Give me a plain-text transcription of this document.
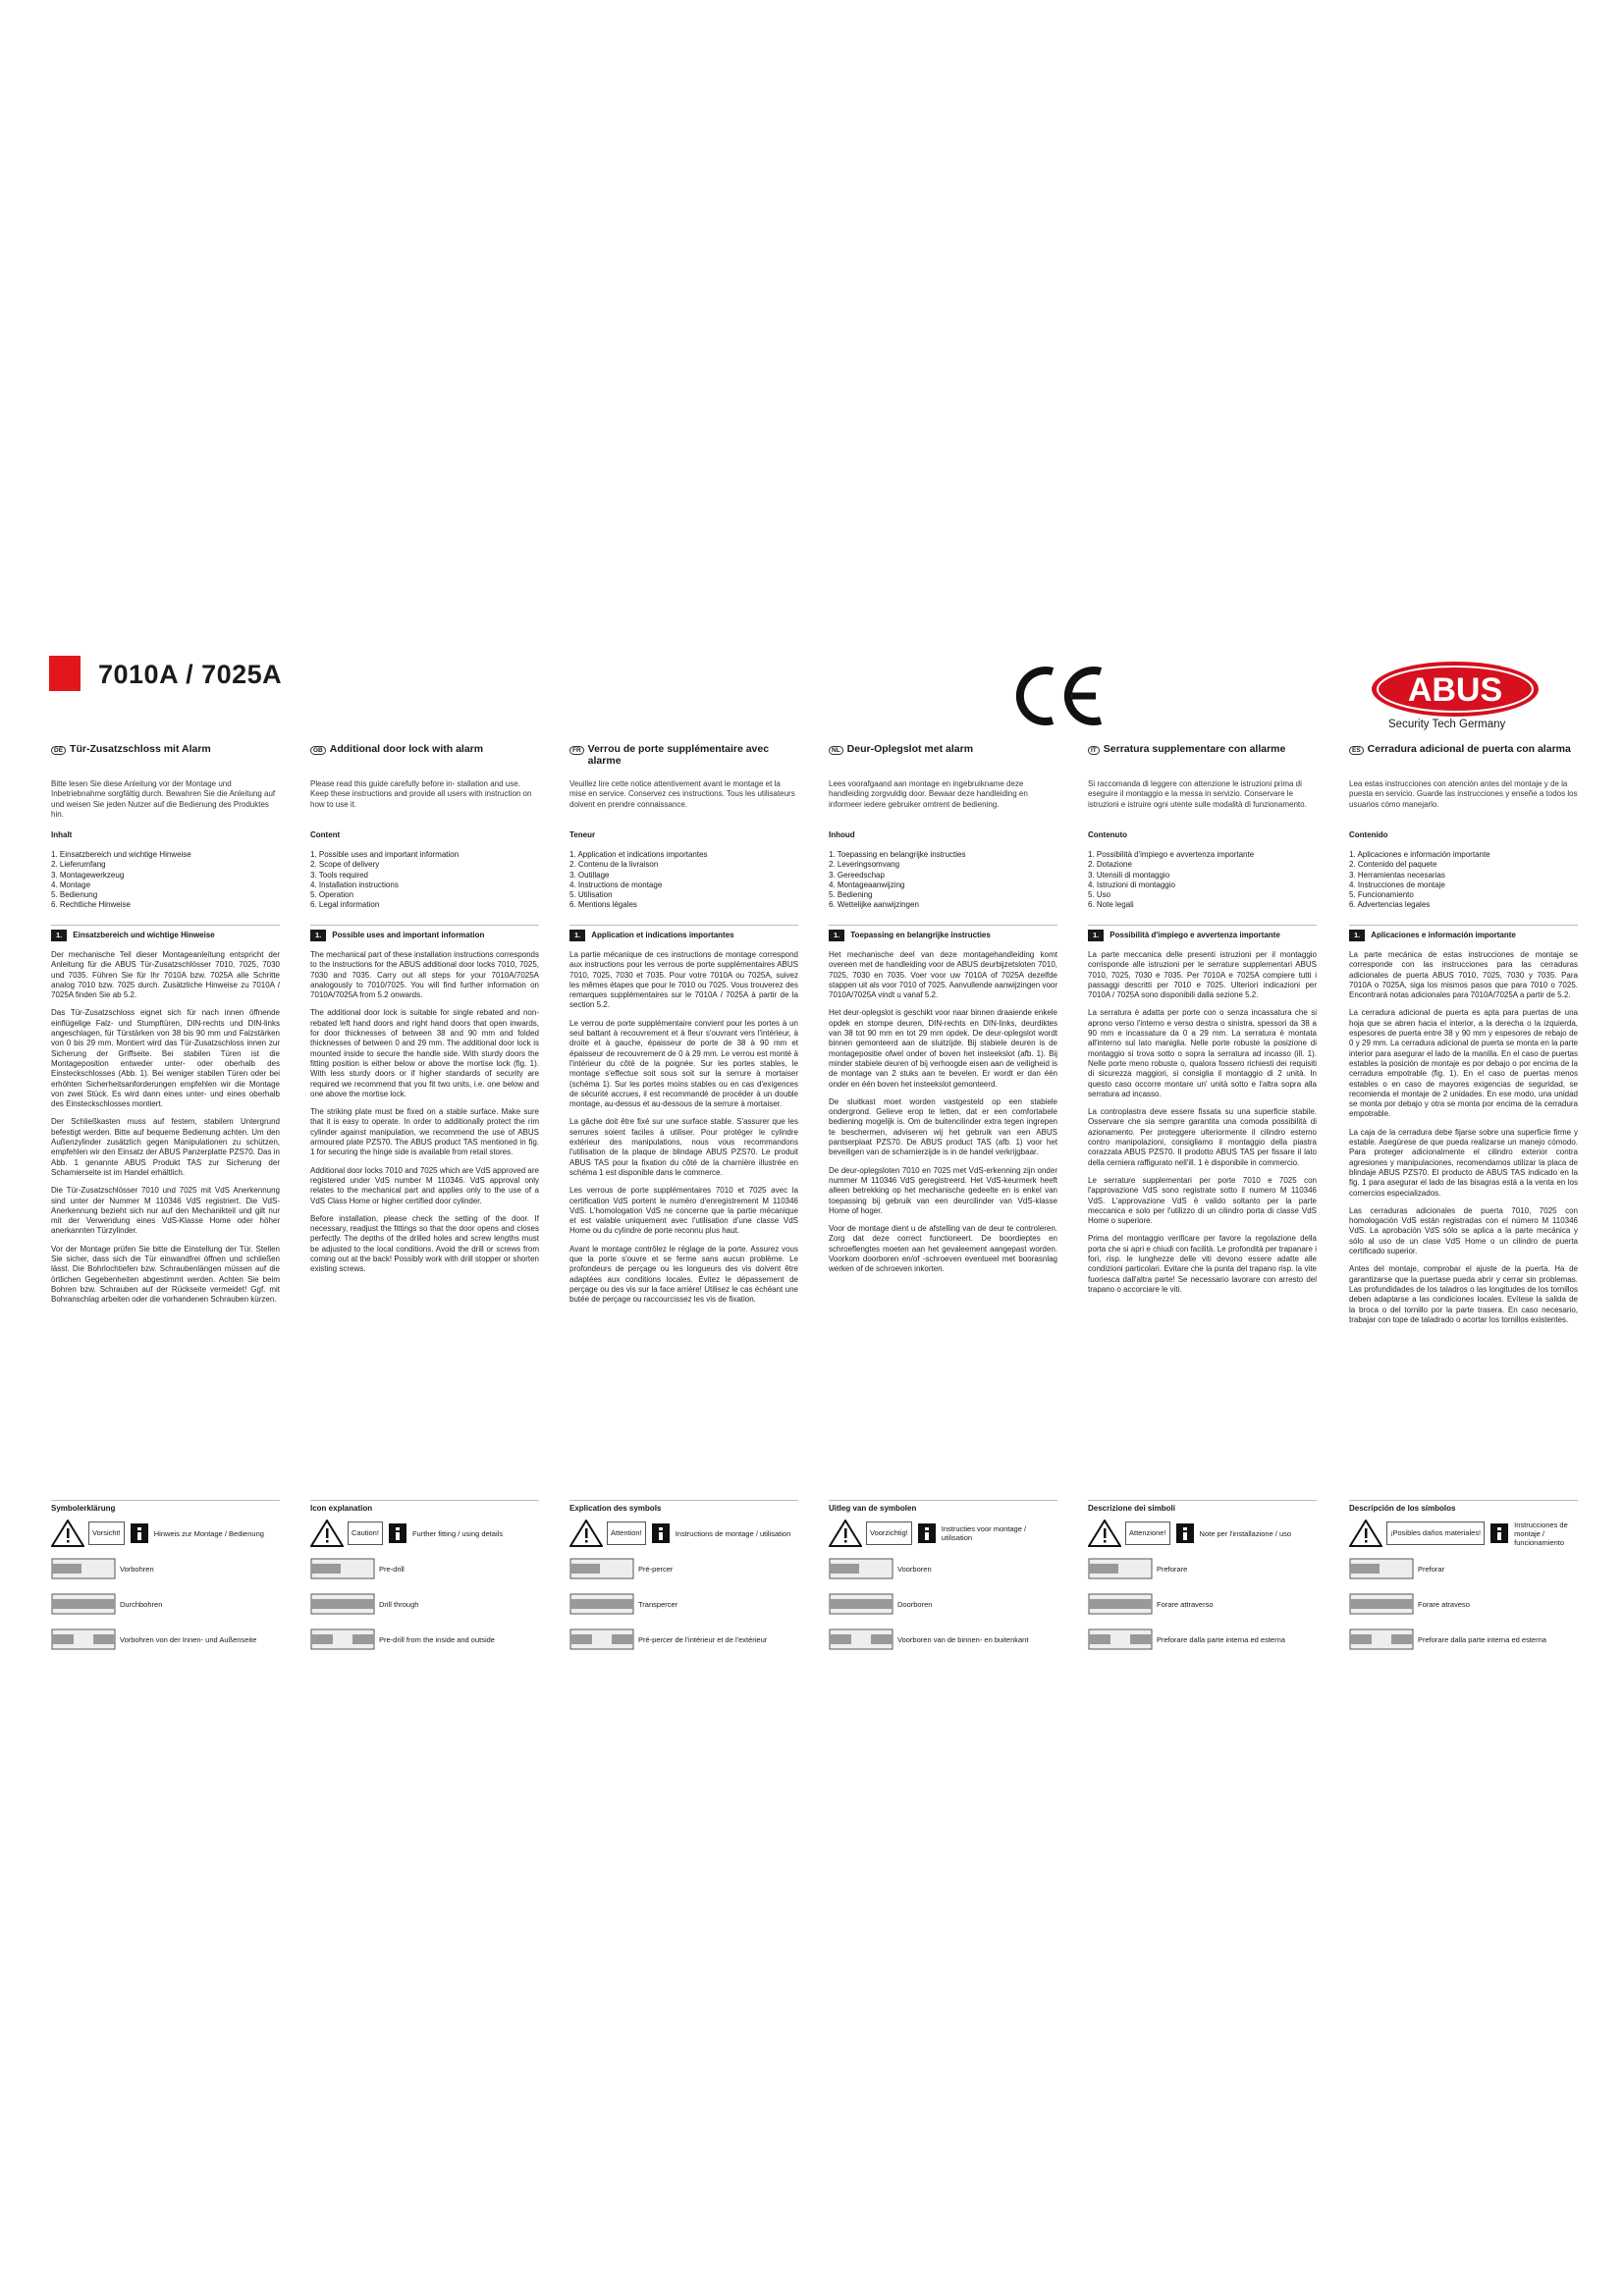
7010A / 7025A	ABUS
Security Tech Germany
DE Tür-Zusatzschloss mit Alarm
Bitte lesen Sie diese Anleitung vor der Montage und Inbetriebnahme sorgfältig durch. Bewahren Sie die Anleitung auf und weisen Sie jeden Nutzer auf die Bedienung des Produktes hin.
Inhalt
1. Einsatzbereich und wichtige Hinweise
2. Lieferumfang
3. Montagewerkzeug
4. Montage
5. Bedienung
6. Rechtliche Hinweise
1.	Einsatzbereich und wichtige Hinweise

Der mechanische Teil dieser Montageanleitung entspricht der Anleitung für die ABUS Tür-Zusatzschlösser 7010, 7025, 7030 und 7035. Führen Sie für Ihr 7010A bzw. 7025A alle Schritte analog 7010 bzw. 7025 durch. Zusätzliche Hinweise zu 7010A / 7025A finden Sie ab 5.2.

Das Tür-Zusatzschloss eignet sich für nach innen öffnende einflügelige Falz- und Stumpftüren, DIN-rechts und DIN-links angeschlagen, für Türstärken von 38 bis 90 mm und Falzstärken von 0 bis 29 mm. Montiert wird das Tür-Zusatzschloss innen zur Sicherung der Griffseite. Bei stabilen Türen ist die Montageposition entweder unter- oder oberhalb des Einsteckschlosses (Abb. 1). Bei weniger stabilen Türen oder bei erhöhten Sicherheitsanforderungen empfehlen wir die Montage von zwei Stück. Es wird dann eines unter- und eines oberhalb des Einsteckschlosses montiert.

Der Schließkasten muss auf festem, stabilem Untergrund befestigt werden. Bitte auf bequeme Bedienung achten. Um den Außenzylinder zusätzlich gegen Manipulationen zu schützen, empfehlen wir den Einsatz der ABUS Panzerplatte PZS70. Das in Abb. 1 genannte ABUS Produkt TAS zur Sicherung der Scharnierseite ist im Handel erhältlich.

Die Tür-Zusatzschlösser 7010 und 7025 mit VdS Anerkennung sind unter der Nummer M 110346 VdS registriert. Die VdS-Anerkennung bezieht sich nur auf den Mechanikteil und gilt nur mit der Verwendung eines VdS-Klasse Home oder höher anerkannten Türzylinder.

Vor der Montage prüfen Sie bitte die Einstellung der Tür. Stellen Sie sicher, dass sich die Tür einwandfrei öffnen und schließen lässt. Die Bohrlochtiefen bzw. Schraubenlängen müssen auf die örtlichen Gegebenheiten abgestimmt werden. Achten Sie beim Bohren bzw. Schrauben auf der Rückseite vermeidet! Ggf. mit Bohranschlag arbeiten oder die vorhandenen Schrauben kürzen.

Symbolerklärung
Vorsicht!	Hinweis zur Montage / Bedienung
Vorbohren
Durchbohren
Vorbohren von der Innen- und Außenseite
GB Additional door lock with alarm
Please read this guide carefully before in- stallation and use. Keep these instructions and provide all users with instruction on how to use it.
Content
1. Possible uses and important information
2. Scope of delivery
3. Tools required
4. Installation instructions
5. Operation
6. Legal information
1.	Possible uses and important information

The mechanical part of these installation instructions corresponds to the instructions for the ABUS additional door locks 7010, 7025, 7030 and 7035. Carry out all steps for your 7010A/7025A analogously to 7010/7025. You will find further information on 7010A/7025A from 5.2 onwards.

The additional door lock is suitable for single rebated and non-rebated left hand doors and right hand doors that open inwards, for door thicknesses of between 38 and 90 mm and folded thicknesses of between 0 and 29 mm. The additional door lock is mounted inside to secure the handle side. With sturdy doors the fitting position is either below or above the mortise lock (fig. 1). With less sturdy doors or if higher standards of security are required we recommend that you fit two units, i.e. one below and one above the mortise lock.

The striking plate must be fixed on a stable surface. Make sure that it is easy to operate. In order to additionally protect the rim cylinder against manipulation, we recommend the use of ABUS armoured plate PZS70. The ABUS product TAS mentioned in fig. 1 for securing the hinge side is available from retail stores.

Additional door locks 7010 and 7025 which are VdS approved are registered under VdS number M 110346. VdS approval only relates to the mechanical part and applies only to the use of a VdS Class Home or higher certified door cylinder.

Before installation, please check the setting of the door. If necessary, readjust the fittings so that the door opens and closes perfectly. The depths of the drilled holes and screw lengths must be adjusted to the local conditions. Avoid the drill or screws from coming out at the back! Possibly work with drill stopper or shorten existing screws.

Icon explanation
Caution!	Further fitting / using details
Pre-drill
Drill through
Pre-drill from the inside and outside
FR Verrou de porte supplémentaire avec alarme
Veuillez lire cette notice attentivement avant le montage et la mise en service. Conservez ces instructions. Tous les utilisateurs doivent en prendre connaissance.
Teneur
1. Application et indications importantes
2. Contenu de la livraison
3. Outillage
4. Instructions de montage
5. Utilisation
6. Mentions légales
1.	Application et indications importantes

La partie mécanique de ces instructions de montage correspond aux instructions pour les verrous de porte supplémentaires ABUS 7010, 7025, 7030 et 7035. Pour votre 7010A ou 7025A, suivez les mêmes étapes que pour le 7010 ou 7025. Vous trouverez des remarques supplémentaires sur le 7010A / 7025A à partir de la section 5.2.

Le verrou de porte supplémentaire convient pour les portes à un seul battant à recouvrement et à fleur s'ouvrant vers l'intérieur, à droite et à gauche, épaisseur de porte de 38 à 90 mm et épaisseur de recouvrement de 0 à 29 mm. Le verrou est monté à l'intérieur du côté de la poignée. Sur les portes stables, le montage s'effectue soit sous soit sur la serrure à mortaiser (schéma 1). Sur les portes moins stables ou en cas d'exigences de sécurité accrues, il est recommandé de procéder à un double montage, au-dessus et au-dessous de la serrure à mortaiser.

La gâche doit être fixé sur une surface stable. S'assurer que les serrures soient faciles à utiliser. Pour protéger le cylindre extérieur des manipulations, nous vous recommandons l'utilisation de la plaque de blindage ABUS PZS70. Le produit ABUS TAS pour la fixation du côté de la charnière illustrée en schéma 1 est disponible dans le commerce.

Les verrous de porte supplémentaires 7010 et 7025 avec la certification VdS portent le numéro d'enregistrement M 110346 VdS. L'homologation VdS ne concerne que la partie mécanique et est valable uniquement avec l'utilisation d'une classe VdS Home ou du cylindre de porte reconnu plus haut.

Avant le montage contrôlez le réglage de la porte. Assurez vous que la porte s'ouvre et se ferme sans aucun problème. Le profondeurs de perçage ou les longueurs des vis doivent être adaptées aux conditions locales. Évitez le dépassement de perçage ou des vis sur la face arrière! Utilisez le cas échéant une butée de perçage ou raccourcissez les vis de fixation.

Explication des symbols
Attention!	Instructions de montage / utilisation
Pré-percer
Transpercer
Pré-percer de l'intérieur et de l'extérieur
NL Deur-Oplegslot met alarm
Lees voorafgaand aan montage en ingebruikname deze handleiding zorgvuldig door. Bewaar deze handleiding en informeer iedere gebruiker omtrent de bediening.
Inhoud
1. Toepassing en belangrijke instructies
2. Leveringsomvang
3. Gereedschap
4. Montageaanwijzing
5. Bediening
6. Wettelijke aanwijzingen
1.	Toepassing en belangrijke instructies

Het mechanische deel van deze montagehandleiding komt overeen met de handleiding voor de ABUS deurbijzetsloten 7010, 7025, 7030 en 7035. Voer voor uw 7010A of 7025A dezelfde stappen uit als voor 7010 of 7025. Aanvullende aanwijzingen voor 7010A/7025A vindt u vanaf 5.2.

Het deur-oplegslot is geschikt voor naar binnen draaiende enkele opdek en stompe deuren, DIN-rechts en DIN-links, deurdiktes van 38 tot 90 mm en tot 29 mm opdek. De deur-oplegslot wordt binnen gemonteerd aan de sluitzijde. Bij stabiele deuren is de montagepositie ofwel onder of boven het insteekslot (afb. 1). Bij minder stabiele deuren of bij verhoogde eisen aan de veiligheid is de montage van 2 stuks aan te bevelen. Er wordt er dan één onder en één boven het insteekslot gemonteerd.

De sluitkast moet worden vastgesteld op een stabiele ondergrond. Gelieve erop te letten, dat er een comfortabele bediening mogelijk is. Om de buitencilinder extra tegen ingrepen te beschermen, adviseren wij het gebruik van een ABUS pantserplaat PZS70. De ABUS product TAS (afb. 1) voor het beveiligen van de scharnierzijde is in de handel verkrijgbaar.

De deur-oplegsloten 7010 en 7025 met VdS-erkenning zijn onder nummer M 110346 VdS geregistreerd. Het VdS-keurmerk heeft alleen betrekking op het mechanische gedeelte en is enkel van toepassing bij gebruik van een deurcilinder van VdS-klasse Home of hoger.

Voor de montage dient u de afstelling van de deur te controleren. Zorg dat deze correct functioneert. De boordieptes en schroeflengtes moeten aan het gevaleement aangepast worden. Voorkom doorboren en/of -schroeven eventueel met boorasnlag werken of de schroeven inkorten.

Uitleg van de symbolen
Voorzichtig!	Instructies voor montage / utilisation
Voorboren
Doorboren
Voorboren van de binnen- en buitenkant
IT Serratura supplementare con allarme
Si raccomanda di leggere con attenzione le istruzioni prima di eseguire il montaggio e la messa in servizio. Conservare le istruzioni e istruire ogni utente sulle modalità di funzionamento.
Contenuto
1. Possibilità d'impiego e avvertenza importante
2. Dotazione
3. Utensili di montaggio
4. Istruzioni di montaggio
5. Uso
6. Note legali
1.	Possibilità d'impiego e avvertenza importante

La parte meccanica delle presenti istruzioni per il montaggio corrisponde alle istruzioni per le serrature supplementari ABUS 7010, 7025, 7030 e 7035. Per 7010A e 7025A compiere tutti i passaggi descritti per 7010 e 7025. Ulteriori indicazioni per 7010A / 7025A sono disponibili dalla sezione 5.2.

La serratura è adatta per porte con o senza incassatura che si aprono verso l'interno e verso destra o sinistra, spessori da 38 a 90 mm e incassature da 0 a 29 mm. La serratura è montata all'interno sul lato maniglia. Nelle porte robuste la posizione di montaggio si trova sotto o sopra la serratura ad incasso (ill. 1). Nelle porte meno robuste o, qualora fossero richiesti dei requisiti di sicurezza maggiori, si consiglia il montaggio di 2 unità. In questo caso occorre montare un' unità sotto e l'altra sopra alla serratura ad incasso.

La controplastra deve essere fissata su una superficie stabile. Osservare che sia sempre garantita una comoda possibilità di azionamento. Per proteggere ulteriormente il cilindro esterno contro manipolazioni, consigliamo il montaggio della piastra corazzata ABUS PZS70. Il prodotto ABUS TAS per fissare il lato della cerniera raffigurato nell'ill. 1 è disponibile in commercio.

Le serrature supplementari per porte 7010 e 7025 con l'approvazione VdS sono registrate sotto il numero M 110346 VdS. L'approvazione VdS è valido soltanto per la parte meccanica e solo per l'utilizzo di un cilindro porta di classe VdS Home o superiore.

Prima del montaggio verificare per favore la regolazione della porta che si apri e chiudi con facilità. Le profondità per trapanare i fori, risp. le lunghezze delle viti devono essere adatte alle condizioni particolari. Evitare che la punta del trapano risp. la vite fuoriesca dall'altra parte! Se necessario lavorare con arresto del trapano o accorciare le viti.

Descrizione dei simboli
Attenzione!	Note per l'installazione / uso
Preforare
Forare attraverso
Preforare dalla parte interna ed esterna
ES Cerradura adicional de puerta con alarma
Lea estas instrucciones con atención antes del montaje y de la puesta en servicio. Guarde las instrucciones y enseñe a todos los usuarios cómo manejarlo.
Contenido
1. Aplicaciones e información importante
2. Contenido del paquete
3. Herramientas necesarias
4. Instrucciones de montaje
5. Funcionamiento
6. Advertencias legales
1.	Aplicaciones e información importante

La parte mecánica de estas instrucciones de montaje se corresponde con las instrucciones para las cerraduras adicionales de puerta ABUS 7010, 7025, 7030 y 7035. Para 7010A o 7025A, siga los mismos pasos que para 7010 o 7025. Encontrará notas adicionales para 7010A/7025A a partir de 5.2.

La cerradura adicional de puerta es apta para puertas de una hoja que se abren hacia el interior, a la derecha o la izquierda, espesores de puerta entre 38 y 90 mm y espesores de rebajo de 0 y 29 mm. La cerradura adicional de puerta se monta en la parte interior para asegurar el lado de la manilla. En el caso de puertas estables la posición de montaje es por debajo o por encima de la cerradura empotrable (fig. 1). En el caso de puertas menos estables o en caso de mayores exigencias de seguridad, se recomienda el montaje de 2 unidades. En ese modo, una unidad se monta por debajo y otra se monta por encima de la cerradura empotrable.

La caja de la cerradura debe fijarse sobre una superficie firme y estable. Asegúrese de que pueda realizarse un manejo cómodo. Para proteger adicionalmente el cilindro exterior contra agresiones y manipulaciones, recomendamos utilizar la placa de blindaje ABUS PZS70. El producto de ABUS TAS indicado en la fig. 1 para asegurar el lado de las bisagras está a la venta en los comercios especializados.

Las cerraduras adicionales de puerta 7010, 7025 con homologación VdS están registradas con el número M 110346 VdS. La aprobación VdS sólo se aplica a la parte mecánica y sólo al uso de un clase VdS Home o un cilindro de puerta certificado superior.

Antes del montaje, comprobar el ajuste de la puerta. Ha de garantizarse que la puertase pueda abrir y cerrar sin problemas. Las profundidades de los taladros o las longitudes de los tornillos deben adaptarse a las condiciones locales. Evítese la salida de la broca o del tornillo por la parte trasera. En caso necesario, trabajar con tope de taladrado o acortar los tornillos existentes.

Descripción de los símbolos
¡Posibles daños materiales!
Instrucciones de montaje / funcionamiento
Preforar
Forare atraveso
Preforare dalla parte interna ed esterna
